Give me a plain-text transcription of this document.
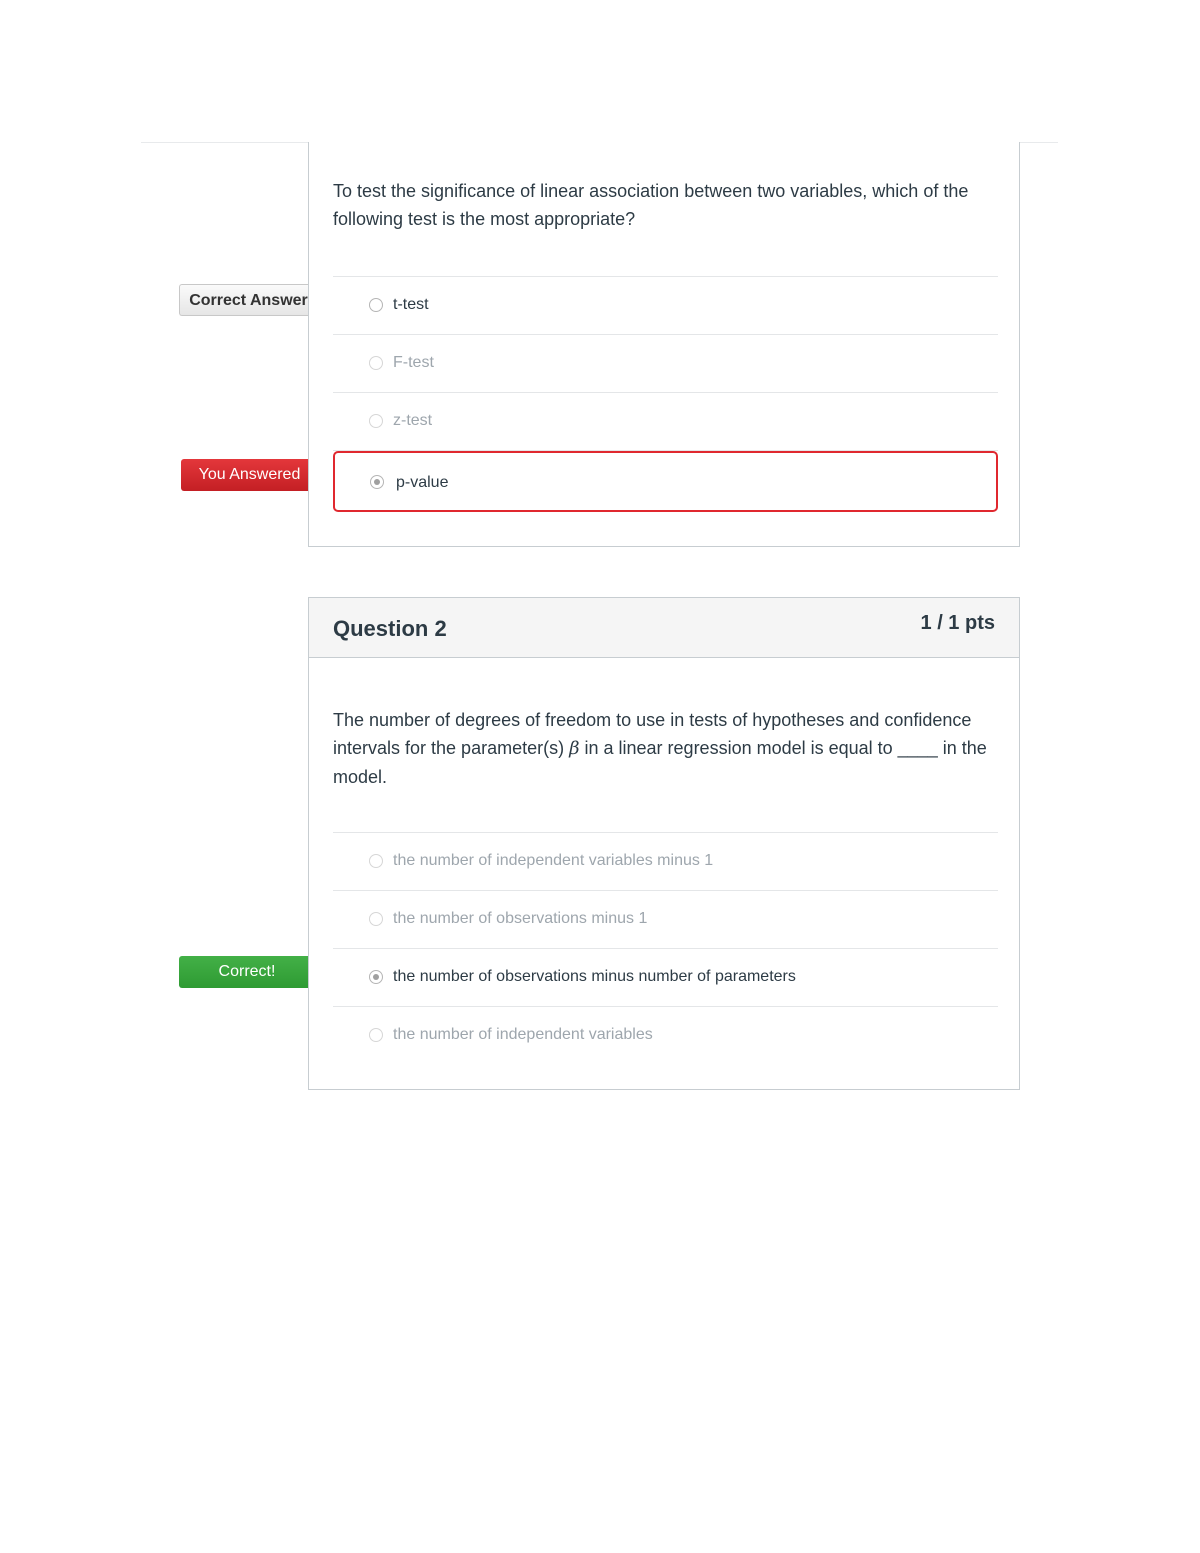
Correct Answer
You Answered
Correct!
To test the significance of linear association between two variables, which of the following test is the most appropriate?
t-test
F-test
z-test
p-value
Question 2	1 / 1 pts
The number of degrees of freedom to use in tests of hypotheses and confidence intervals for the parameter(s) β in a linear regression model is equal to ____ in the model.
the number of independent variables minus 1
the number of observations minus 1
the number of observations minus number of parameters
the number of independent variables
